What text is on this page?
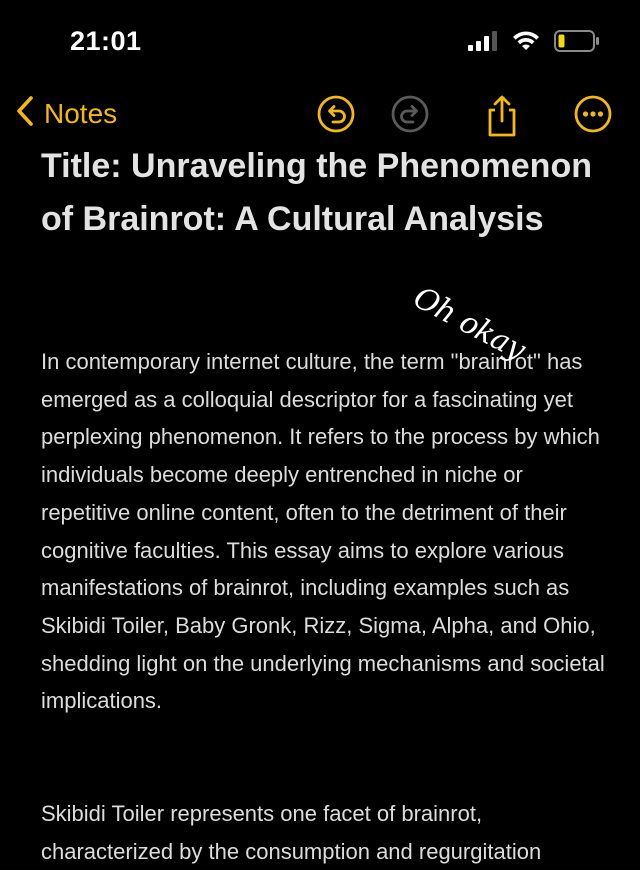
21:01
Notes
Title: Unraveling the Phenomenon of Brainrot: A Cultural Analysis

In contemporary internet culture, the term "brainrot" has emerged as a colloquial descriptor for a fascinating yet perplexing phenomenon. It refers to the process by which individuals become deeply entrenched in niche or repetitive online content, often to the detriment of their cognitive faculties. This essay aims to explore various manifestations of brainrot, including examples such as Skibidi Toiler, Baby Gronk, Rizz, Sigma, Alpha, and Ohio, shedding light on the underlying mechanisms and societal implications.

Skibidi Toiler represents one facet of brainrot, characterized by the consumption and regurgitation

Oh okay
